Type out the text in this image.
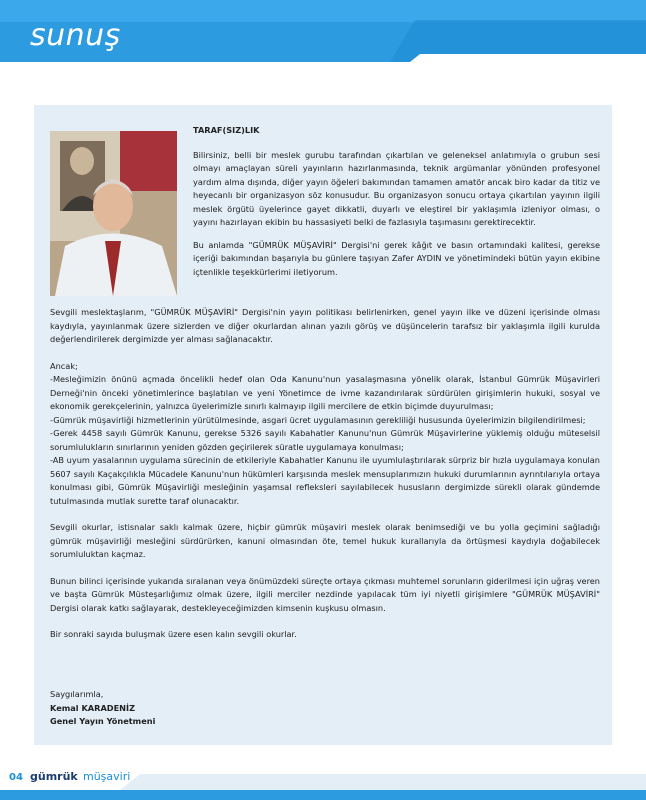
sunuş

TARAF(SIZ)LIK

Bilirsiniz, belli bir meslek gurubu tarafından çıkartılan ve geleneksel anlatımıyla o grubun sesi olmayı amaçlayan süreli yayınların hazırlanmasında, teknik argümanlar yönünden profesyonel yardım alma dışında, diğer yayın öğeleri bakımından tamamen amatör ancak biro kadar da titiz ve heyecanlı bir organizasyon söz konusudur. Bu organizasyon sonucu ortaya çıkartılan yayının ilgili meslek örgütü üyelerince gayet dikkatli, duyarlı ve eleştirel bir yaklaşımla izleniyor olması, o yayını hazırlayan ekibin bu hassasiyeti belki de fazlasıyla taşımasını gerektirecektir.

Bu anlamda "GÜMRÜK MÜŞAVİRİ" Dergisi'ni gerek kâğıt ve basın ortamındaki kalitesi, gerekse içeriği bakımından başarıyla bu günlere taşıyan Zafer AYDIN ve yönetimindeki bütün yayın ekibine içtenlikle teşekkürlerimi iletiyorum.

Sevgili meslektaşlarım, "GÜMRÜK MÜŞAVİRİ" Dergisi'nin yayın politikası belirlenirken, genel yayın ilke ve düzeni içerisinde olması kaydıyla, yayınlanmak üzere sizlerden ve diğer okurlardan alınan yazılı görüş ve düşüncelerin tarafsız bir yaklaşımla ilgili kurulda değerlendirilerek dergimizde yer alması sağlanacaktır.

Ancak;
-Mesleğimizin önünü açmada öncelikli hedef olan Oda Kanunu'nun yasalaşmasına yönelik olarak, İstanbul Gümrük Müşavirleri Derneği'nin önceki yönetimlerince başlatılan ve yeni Yönetimce de ivme kazandırılarak sürdürülen girişimlerin hukuki, sosyal ve ekonomik gerekçelerinin, yalnızca üyelerimizle sınırlı kalmayıp ilgili mercilere de etkin biçimde duyurulması;
-Gümrük müşavirliği hizmetlerinin yürütülmesinde, asgari ücret uygulamasının gerekliliği hususunda üyelerimizin bilgilendirilmesi;
-Gerek 4458 sayılı Gümrük Kanunu, gerekse 5326 sayılı Kabahatler Kanunu'nun Gümrük Müşavirlerine yüklemiş olduğu müteselsil sorumlulukların sınırlarının yeniden gözden geçirilerek süratle uygulamaya konulması;
-AB uyum yasalarının uygulama sürecinin de etkileriyle Kabahatler Kanunu ile uyumlulaştırılarak sürpriz bir hızla uygulamaya konulan 5607 sayılı Kaçakçılıkla Mücadele Kanunu'nun hükümleri karşısında meslek mensuplarımızın hukuki durumlarının ayrıntılarıyla ortaya konulması gibi, Gümrük Müşavirliği mesleğinin yaşamsal refleksleri sayılabilecek hususların dergimizde sürekli olarak gündemde tutulmasında mutlak surette taraf olunacaktır.

Sevgili okurlar, istisnalar saklı kalmak üzere, hiçbir gümrük müşaviri meslek olarak benimsediği ve bu yolla geçimini sağladığı gümrük müşavirliği mesleğini sürdürürken, kanuni olmasından öte, temel hukuk kurallarıyla da örtüşmesi kaydıyla doğabilecek sorumluluktan kaçmaz.

Bunun bilinci içerisinde yukarıda sıralanan veya önümüzdeki süreçte ortaya çıkması muhtemel sorunların giderilmesi için uğraş veren ve başta Gümrük Müsteşarlığımız olmak üzere, ilgili merciler nezdinde yapılacak tüm iyi niyetli girişimlere "GÜMRÜK MÜŞAVİRİ" Dergisi olarak katkı sağlayarak, destekleyeceğimizden kimsenin kuşkusu olmasın.

Bir sonraki sayıda buluşmak üzere esen kalın sevgili okurlar.

Saygılarımla,
Kemal KARADENİZ
Genel Yayın Yönetmeni
04 gümrük müşaviri
